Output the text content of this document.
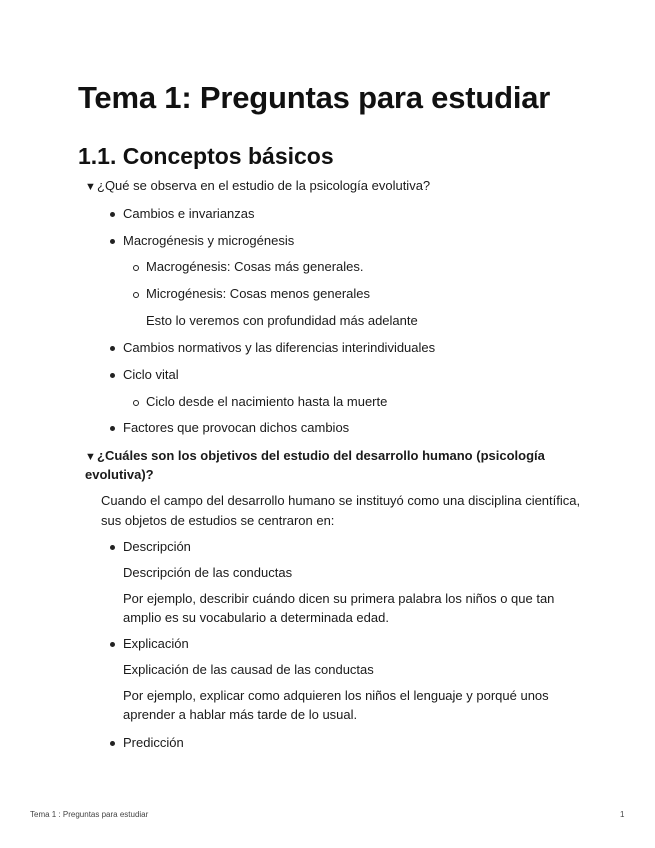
Tema 1: Preguntas para estudiar
1.1. Conceptos básicos
▼¿Qué se observa en el estudio de la psicología evolutiva?
Cambios e invarianzas
Macrogénesis y microgénesis
Macrogénesis: Cosas más generales.
Microgénesis: Cosas menos generales
Esto lo veremos con profundidad más adelante
Cambios normativos y las diferencias interindividuales
Ciclo vital
Ciclo desde el nacimiento hasta la muerte
Factores que provocan dichos cambios
▼¿Cuáles son los objetivos del estudio del desarrollo humano (psicología
evolutiva)?
Cuando el campo del desarrollo humano se instituyó como una disciplina científica,
sus objetos de estudios se centraron en:
Descripción
Descripción de las conductas
Por ejemplo, describir cuándo dicen su primera palabra los niños o que tan
amplio es su vocabulario a determinada edad.
Explicación
Explicación de las causad de las conductas
Por ejemplo, explicar como adquieren los niños el lenguaje y porqué unos
aprender a hablar más tarde de lo usual.
Predicción
Tema 1 : Preguntas para estudiar	1
